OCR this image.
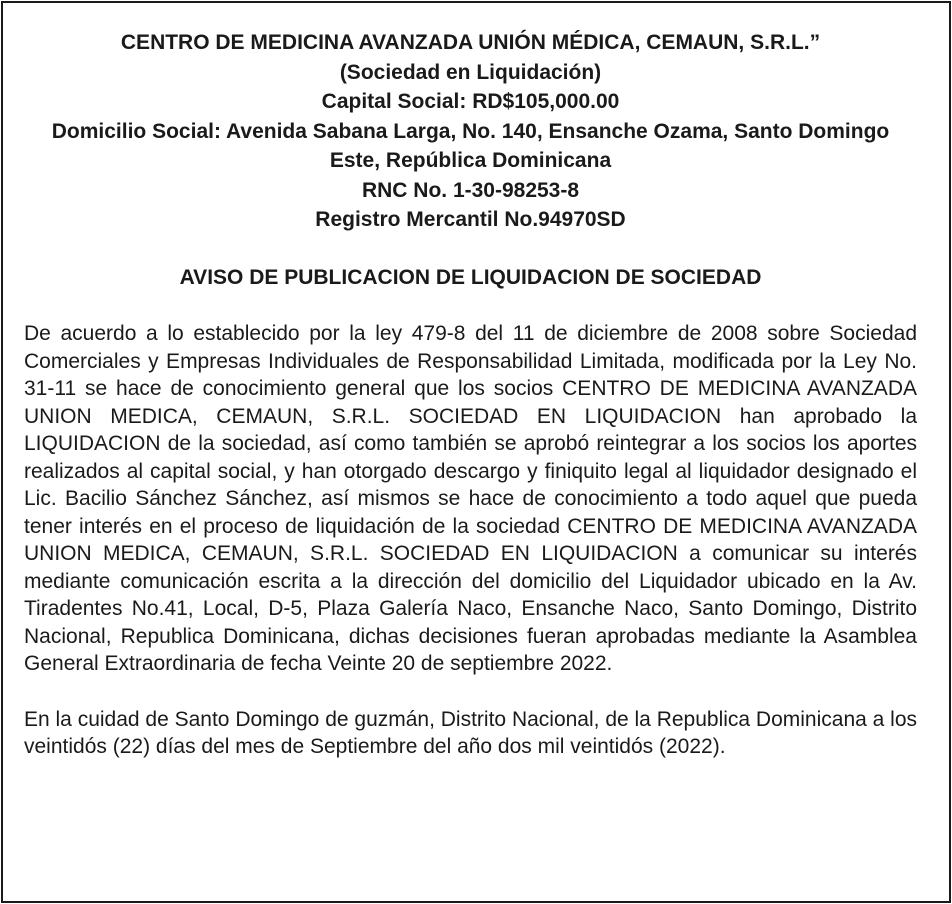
CENTRO DE MEDICINA AVANZADA UNIÓN MÉDICA, CEMAUN, S.R.L.”
(Sociedad en Liquidación)
Capital Social: RD$105,000.00
Domicilio Social: Avenida Sabana Larga, No. 140, Ensanche Ozama, Santo Domingo Este, República Dominicana
RNC No. 1-30-98253-8
Registro Mercantil No.94970SD
AVISO DE PUBLICACION DE LIQUIDACION DE SOCIEDAD

De acuerdo a lo establecido por la ley 479-8 del 11 de diciembre de 2008 sobre Sociedad Comerciales y Empresas Individuales de Responsabilidad Limitada, modificada por la Ley No. 31-11 se hace de conocimiento general que los socios CENTRO DE MEDICINA AVANZADA UNION MEDICA, CEMAUN, S.R.L. SOCIEDAD EN LIQUIDACION han aprobado la LIQUIDACION de la sociedad, así como también se aprobó reintegrar a los socios los aportes realizados al capital social, y han otorgado descargo y finiquito legal al liquidador designado el Lic. Bacilio Sánchez Sánchez, así mismos se hace de conocimiento a todo aquel que pueda tener interés en el proceso de liquidación de la sociedad CENTRO DE MEDICINA AVANZADA UNION MEDICA, CEMAUN, S.R.L. SOCIEDAD EN LIQUIDACION a comunicar su interés mediante comunicación escrita a la dirección del domicilio del Liquidador ubicado en la Av. Tiradentes No.41, Local, D-5, Plaza Galería Naco, Ensanche Naco, Santo Domingo, Distrito Nacional, Republica Dominicana, dichas decisiones fueran aprobadas mediante la Asamblea General Extraordinaria de fecha Veinte 20 de septiembre 2022.

En la cuidad de Santo Domingo de guzmán, Distrito Nacional, de la Republica Dominicana a los veintidós (22) días del mes de Septiembre del año dos mil veintidós (2022).
